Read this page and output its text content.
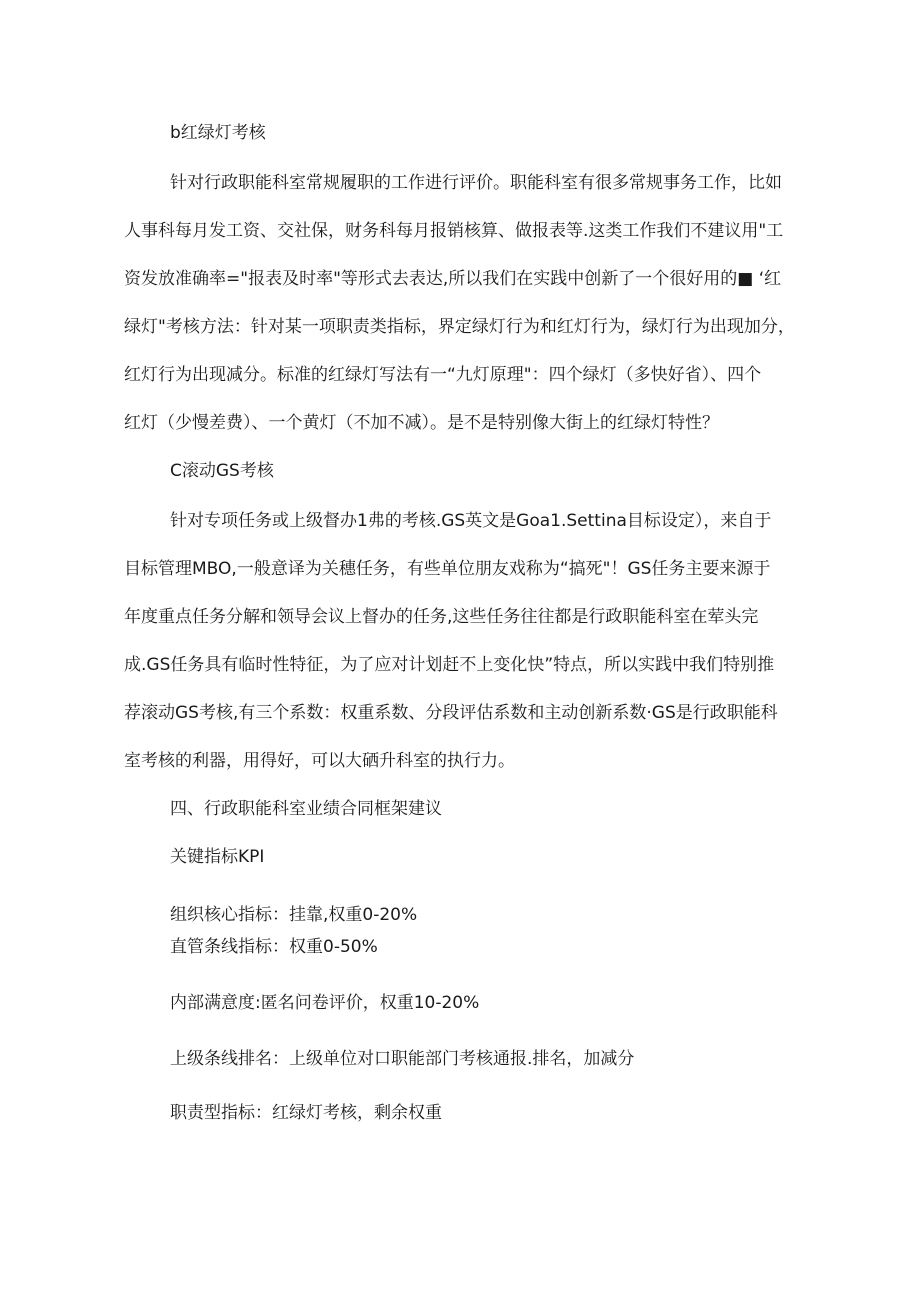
b红绿灯考核
针对行政职能科室常规履职的工作进行评价。职能科室有很多常规事务工作，比如
人事科每月发工资、交社保，财务科每月报销核算、做报表等.这类工作我们不建议用"工
资发放准确率="报表及时率"等形式去表达,所以我们在实践中创新了一个很好用的■ ‘红
绿灯"考核方法：针对某一项职责类指标，界定绿灯行为和红灯行为，绿灯行为出现加分，
红灯行为出现减分。标准的红绿灯写法有一“九灯原理"：四个绿灯（多快好省）、四个
红灯（少慢差费）、一个黄灯（不加不减）。是不是特别像大街上的红绿灯特性？
C滚动GS考核
针对专项任务或上级督办1弗的考核.GS英文是Goa1.Settina目标设定），来自于
目标管理MBO,一般意译为关穗任务，有些单位朋友戏称为“搞死"！GS任务主要来源于
年度重点任务分解和领导会议上督办的任务,这些任务往往都是行政职能科室在荤头完
成.GS任务具有临时性特征，为了应对计划赶不上变化快”特点，所以实践中我们特别推
荐滚动GS考核,有三个系数：权重系数、分段评估系数和主动创新系数·GS是行政职能科
室考核的利器，用得好，可以大硒升科室的执行力。
四、行政职能科室业绩合同框架建议
关键指标KPI
组织核心指标：挂靠,权重0-20%
直管条线指标：权重0-50%
内部满意度:匿名问卷评价，权重10-20%
上级条线排名：上级单位对口职能部门考核通报.排名，加减分
职责型指标：红绿灯考核，剩余权重
